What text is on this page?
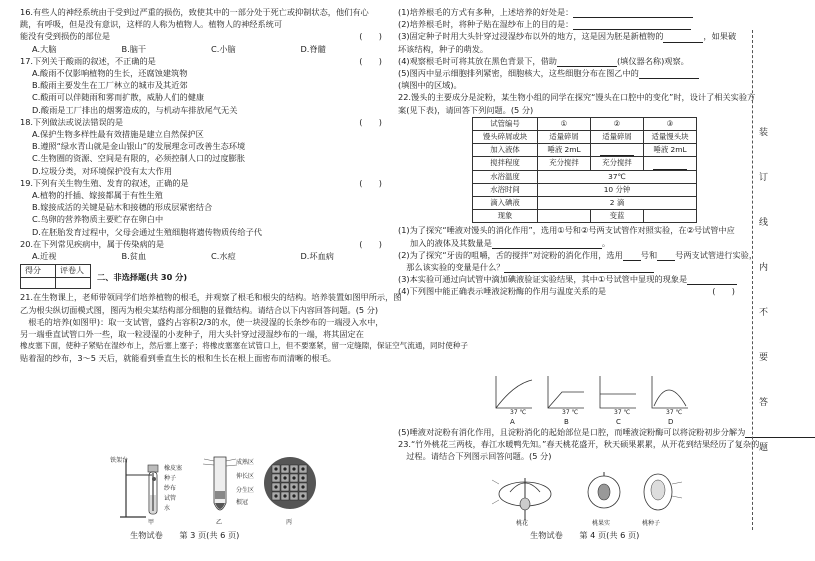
16.有些人的神经系统由于受到过严重的损伤，致使其中的一部分处于死亡或抑制状态，他们有心
跳，有呼吸，但是没有意识，这样的人称为植物人。植物人的神经系统可
能没有受到损伤的部位是	(　　)
A.大脑	B.脑干	C.小脑	D.脊髓
17.下列关于酸雨的叙述，不正确的是	(　　)
A.酸雨不仅影响植物的生长，还腐蚀建筑物
B.酸雨主要发生在工厂林立的城市及其近郊
C.酸雨可以伴随雨和雾而扩散，威胁人们的健康
D.酸雨是工厂排出的烟雾造成的，与机动车排放尾气无关
18.下列做法或说法错误的是	(　　)
A.保护生物多样性最有效措施是建立自然保护区
B.遵照“绿水青山就是金山银山”的发展理念可改善生态环境
C.生物圈的资源、空间是有限的，必须控制人口的过度膨胀
D.垃圾分类，对环境保护没有太大作用
19.下列有关生物生殖、发育的叙述，正确的是	(　　)
A.植物的扦插、嫁接都属于有性生殖
B.嫁接成活的关键是砧木和接穗的形成层紧密结合
C.鸟卵的营养物质主要贮存在卵白中
D.在胚胎发育过程中，父母会通过生殖细胞将遗传物质传给子代
20.在下列常见疾病中，属于传染病的是	(　　)
A.近视	B.贫血	C.水痘	D.坏血病
得分	评卷人

二、非选择题(共 30 分)
21.在生物课上，老师带领同学们培养植物的根毛，并观察了根毛和根尖的结构。培养装置如图甲所示，图
乙为根尖纵切面模式图，图丙为根尖某结构部分细胞的显微结构。请结合以下内容回答问题。(5 分)
　根毛的培养(如图甲)：取一支试管，盛约占容积2/3的水，使一块浸湿的长条纱布的一端浸入水中，
另一端垂直试管口外一些，取一粒浸湿的小麦种子，用大头针穿过浸湿纱布的一端，将其固定在
橡皮塞下面，使种子紧贴在湿纱布上，然后塞上塞子；将橡皮塞塞在试管口上，但不要塞紧，留一定缝隙，保证空气流通，同时使种子
贴着湿的纱布，3～5 天后，就能看到垂直生长的根和生长在根上面密布而清晰的根毛。
铁架台
橡皮塞
种子
纱布
试管
水
甲
成熟区
伸长区
分生区
根冠
乙	丙
生物试卷 第 3 页(共 6 页)
(1)培养根毛的方式有多种，上述培养的好处是：
(2)培养根毛时，将种子贴在湿纱布上的目的是：
(3)固定种子时用大头针穿过浸湿纱布以外的地方，这是因为胚是新植物的	，如果破
坏该结构，种子的萌发。
(4)观察根毛时可将其放在黑色背景下，借助	(填仪器名称)观察。
(5)图丙中显示细胞排列紧密，细胞核大，这些细胞分布在图乙中的
(填图中的区域)。
22.馒头的主要成分是淀粉，某生物小组的同学在探究“馒头在口腔中的变化”时，设计了相关实验方
案(见下表)，请回答下列问题。(5 分)
试管编号	①	②	③
馒头碎屑或块	适量碎屑	适量碎屑	适量馒头块
加入液体	唾液 2mL		唾液 2mL
搅拌程度	充分搅拌	充分搅拌	
水浴温度	37℃		
水浴时间	10 分钟		
滴入碘液	2 滴		
现象		变蓝	
(1)为了探究“唾液对馒头的消化作用”，选用①号和②号两支试管作对照实验，在②号试管中应
加入的液体及其数量是	。
(2)为了探究“牙齿的咀嚼，舌的搅拌”对淀粉的消化作用，选用 号和 号两支试管进行实验，
　那么该实验的变量是什么？
(3)本实验可通过向试管中滴加碘液验证实验结果，其中①号试管中显现的现象是
(4)下列图中能正确表示唾液淀粉酶的作用与温度关系的是	(　　)
37 ℃	37 ℃	37 ℃	37 ℃
A	B	C	D
(5)唾液对淀粉有消化作用，且淀粉消化的起始部位是口腔，而唾液淀粉酶可以将淀粉初步分解为
23.“竹外桃花三两枝，春江水暖鸭先知。”春天桃花盛开，秋天硕果累累，从开花到结果经历了复杂的
　过程。请结合下列图示回答问题。(5 分)
桃花	桃果实	桃种子
生物试卷 第 4 页(共 6 页)
装
订
线
内
不
要
答
题
